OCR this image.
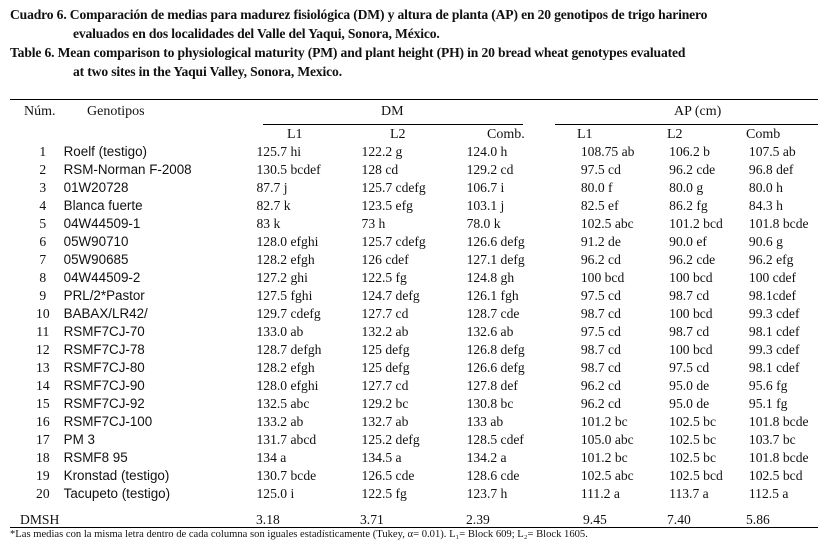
Cuadro 6. Comparación de medias para madurez fisiológica (DM) y altura de planta (AP) en 20 genotipos de trigo harinero
evaluados en dos localidades del Valle del Yaqui, Sonora, México.
Table 6. Mean comparison to physiological maturity (PM) and plant height (PH) in 20 bread wheat genotypes evaluated
at two sites in the Yaqui Valley, Sonora, Mexico.
Núm. Genotipos	DM	AP (cm)
L1	L2	Comb.	L1	L2	Comb
1	Roelf (testigo)	125.7 hi	122.2 g	124.0 h	108.75 ab	106.2 b	107.5 ab
2	RSM-Norman F-2008	130.5 bcdef	128 cd	129.2 cd	97.5 cd	96.2 cde	96.8 def
3	01W20728	87.7 j	125.7 cdefg	106.7 i	80.0 f	80.0 g	80.0 h
4	Blanca fuerte	82.7 k	123.5 efg	103.1 j	82.5 ef	86.2 fg	84.3 h
5	04W44509-1	83 k	73 h	78.0 k	102.5 abc	101.2 bcd	101.8 bcde
6	05W90710	128.0 efghi	125.7 cdefg	126.6 defg	91.2 de	90.0 ef	90.6 g
7	05W90685	128.2 efgh	126 cdef	127.1 defg	96.2 cd	96.2 cde	96.2 efg
8	04W44509-2	127.2 ghi	122.5 fg	124.8 gh	100 bcd	100 bcd	100 cdef
9	PRL/2*Pastor	127.5 fghi	124.7 defg	126.1 fgh	97.5 cd	98.7 cd	98.1cdef
10	BABAX/LR42/	129.7 cdefg	127.7 cd	128.7 cde	98.7 cd	100 bcd	99.3 cdef
11	RSMF7CJ-70	133.0 ab	132.2 ab	132.6 ab	97.5 cd	98.7 cd	98.1 cdef
12	RSMF7CJ-78	128.7 defgh	125 defg	126.8 defg	98.7 cd	100 bcd	99.3 cdef
13	RSMF7CJ-80	128.2 efgh	125 defg	126.6 defg	98.7 cd	97.5 cd	98.1 cdef
14	RSMF7CJ-90	128.0 efghi	127.7 cd	127.8 def	96.2 cd	95.0 de	95.6 fg
15	RSMF7CJ-92	132.5 abc	129.2 bc	130.8 bc	96.2 cd	95.0 de	95.1 fg
16	RSMF7CJ-100	133.2 ab	132.7 ab	133 ab	101.2 bc	102.5 bc	101.8 bcde
17	PM 3	131.7 abcd	125.2 defg	128.5 cdef	105.0 abc	102.5 bc	103.7 bc
18	RSMF8 95	134 a	134.5 a	134.2 a	101.2 bc	102.5 bc	101.8 bcde
19	Kronstad (testigo)	130.7 bcde	126.5 cde	128.6 cde	102.5 abc	102.5 bcd	102.5 bcd
20	Tacupeto (testigo)	125.0 i	122.5 fg	123.7 h	111.2 a	113.7 a	112.5 a
DMSH	3.18	3.71	2.39	9.45	7.40	5.86
*Las medias con la misma letra dentro de cada columna son iguales estadísticamente (Tukey, α= 0.01). L₁= Block 609; L₂= Block 1605.
